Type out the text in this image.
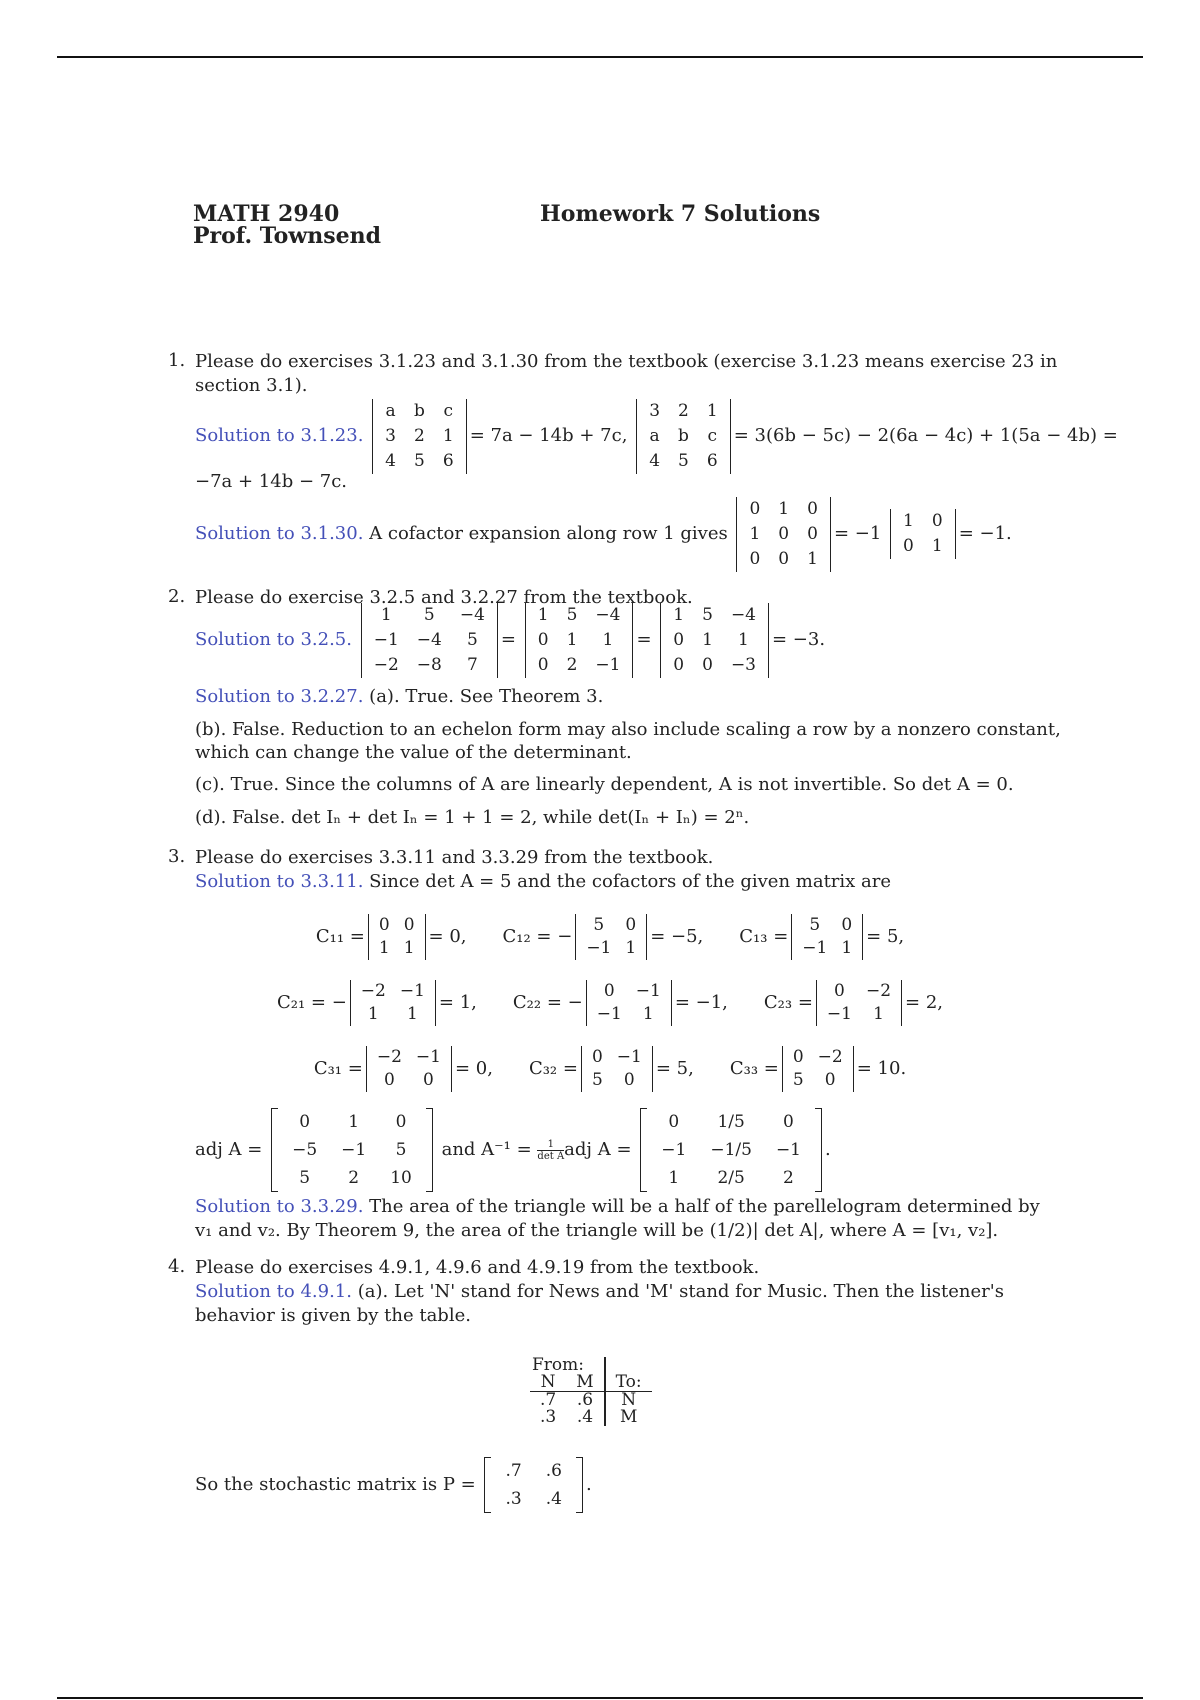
MATH 2940
Prof. Townsend
Homework 7 Solutions
1. Please do exercises 3.1.23 and 3.1.30 from the textbook (exercise 3.1.23 means exercise 23 in
section 3.1).
Solution to 3.1.23.
a	b	c
3	2	1
4	5	6
= 7a − 14b + 7c,
3	2	1
a	b	c
4	5	6
= 3(6b − 5c) − 2(6a − 4c) + 1(5a − 4b) =
−7a + 14b − 7c.
Solution to 3.1.30. A cofactor expansion along row 1 gives
0	1	0
1	0	0
0	0	1
= −1
1	0
0	1
= −1.
2. Please do exercise 3.2.5 and 3.2.27 from the textbook.
Solution to 3.2.5.
1	5	−4
−1	−4	5
−2	−8	7
=
1	5	−4
0	1	1
0	2	−1
=
1	5	−4
0	1	1
0	0	−3
= −3.
Solution to 3.2.27. (a). True. See Theorem 3.
(b). False. Reduction to an echelon form may also include scaling a row by a nonzero constant,
which can change the value of the determinant.
(c). True. Since the columns of A are linearly dependent, A is not invertible. So det A = 0.
(d). False. det Iₙ + det Iₙ = 1 + 1 = 2, while det(Iₙ + Iₙ) = 2ⁿ.
3. Please do exercises 3.3.11 and 3.3.29 from the textbook.
Solution to 3.3.11. Since det A = 5 and the cofactors of the given matrix are
C₁₁ =
0	0
1	1
= 0, C₁₂ = −
5	0
−1	1
= −5, C₁₃ =
5	0
−1	1
= 5,
C₂₁ = −
−2	−1
1	1
= 1, C₂₂ = −
0	−1
−1	1
= −1, C₂₃ =
0	−2
−1	1
= 2,
C₃₁ =
−2	−1
0	0
= 0, C₃₂ =
0	−1
5	0
= 5, C₃₃ =
0	−2
5	0
= 10.
adj A =
0	1	0
−5	−1	5
5	2	10
and $A^{-1} = \frac{1}{\text{det A}}$ adj A =
0	1/5	0
−1	−1/5	−1
1	2/5	2
.
Solution to 3.3.29. The area of the triangle will be a half of the parellelogram determined by
v₁ and v₂. By Theorem 9, the area of the triangle will be (1/2)| det A|, where A = [v₁, v₂].
4. Please do exercises 4.9.1, 4.9.6 and 4.9.19 from the textbook.
Solution to 4.9.1. (a). Let 'N' stand for News and 'M' stand for Music. Then the listener's
behavior is given by the table.
From:		
N	M	To:
.7	.6	N
.3	.4	M
So the stochastic matrix is P =
.7	.6
.3	.4
.
